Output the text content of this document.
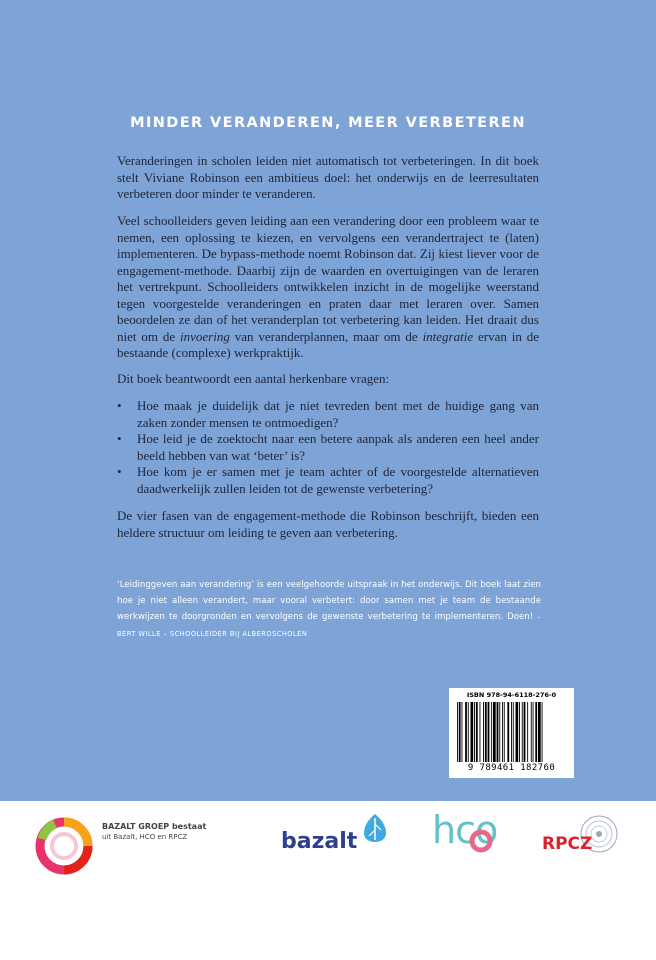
MINDER VERANDEREN, MEER VERBETEREN

Veranderingen in scholen leiden niet automatisch tot verbeteringen. In dit boek stelt Viviane Robinson een ambitieus doel: het onderwijs en de leerresultaten verbeteren door minder te veranderen.

Veel schoolleiders geven leiding aan een verandering door een probleem waar te nemen, een oplossing te kiezen, en vervolgens een verandertraject te (laten) implementeren. De bypass-methode noemt Robinson dat. Zij kiest liever voor de engagement-methode. Daarbij zijn de waarden en overtuigingen van de leraren het vertrekpunt. Schoolleiders ontwikkelen inzicht in de mogelijke weerstand tegen voorgestelde veranderingen en praten daar met leraren over. Samen beoordelen ze dan of het veranderplan tot verbetering kan leiden. Het draait dus niet om de invoering van veranderplannen, maar om de integratie ervan in de bestaande (complexe) werkpraktijk.

Dit boek beantwoordt een aantal herkenbare vragen:

• Hoe maak je duidelijk dat je niet tevreden bent met de huidige gang van zaken zonder mensen te ontmoedigen?
• Hoe leid je de zoektocht naar een betere aanpak als anderen een heel ander beeld hebben van wat ‘beter’ is?
• Hoe kom je er samen met je team achter of de voorgestelde alternatieven daadwerkelijk zullen leiden tot de gewenste verbetering?

De vier fasen van de engagement-methode die Robinson beschrijft, bieden een heldere structuur om leiding te geven aan verbetering.

‘Leidinggeven aan verandering’ is een veelgehoorde uitspraak in het onderwijs. Dit boek laat zien hoe je niet alleen verandert, maar vooral verbetert: door samen met je team de bestaande werkwijzen te doorgronden en vervolgens de gewenste verbetering te implementeren. Doen! – BERT WILLE – SCHOOLLEIDER BIJ ALBEROSCHOLEN
ISBN 978-94-6118-276-0
9 789461 182760
BAZALT GROEP bestaat
uit Bazalt, HCO en RPCZ	bazalt hco	RPCZ
